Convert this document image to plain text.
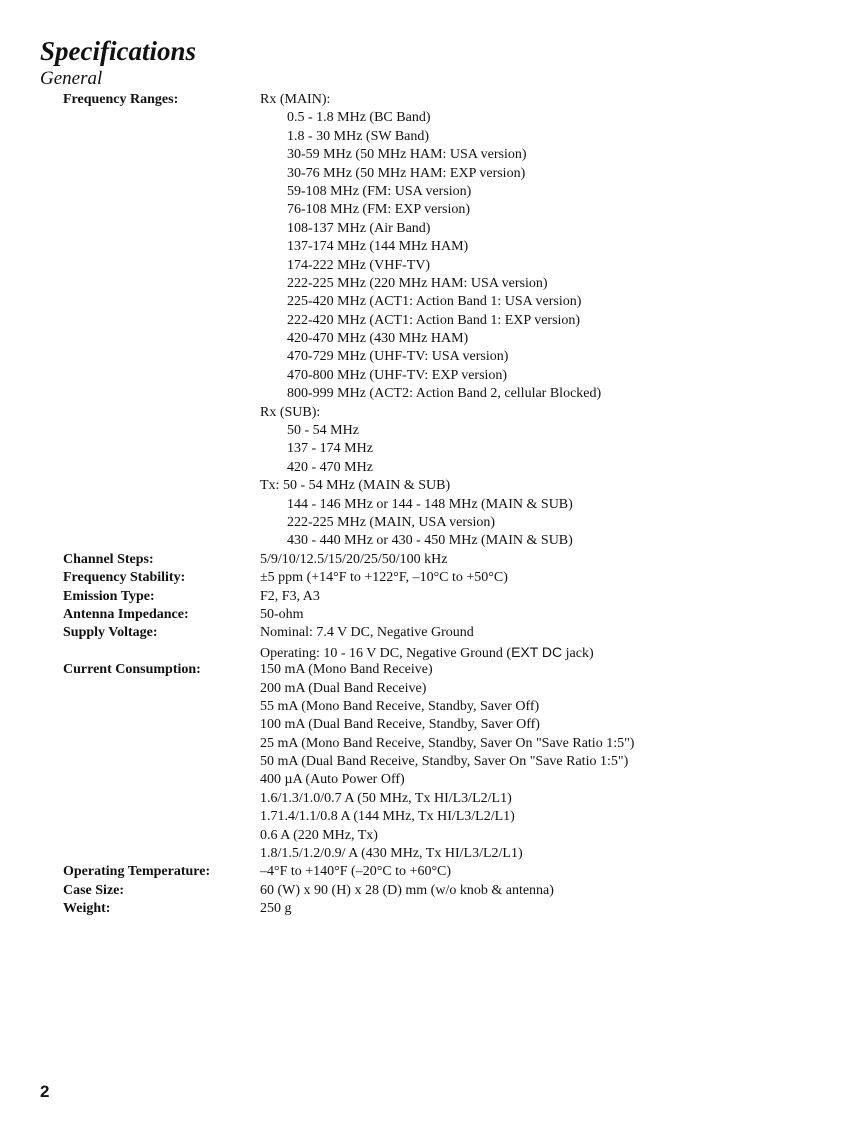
Specifications
General
Frequency Ranges:	Rx (MAIN):
0.5 - 1.8 MHz (BC Band)
1.8 - 30 MHz (SW Band)
30-59 MHz (50 MHz HAM: USA version)
30-76 MHz (50 MHz HAM: EXP version)
59-108 MHz (FM: USA version)
76-108 MHz (FM: EXP version)
108-137 MHz (Air Band)
137-174 MHz (144 MHz HAM)
174-222 MHz (VHF-TV)
222-225 MHz (220 MHz HAM: USA version)
225-420 MHz (ACT1: Action Band 1: USA version)
222-420 MHz (ACT1: Action Band 1: EXP version)
420-470 MHz (430 MHz HAM)
470-729 MHz (UHF-TV: USA version)
470-800 MHz (UHF-TV: EXP version)
800-999 MHz (ACT2: Action Band 2, cellular Blocked)
Rx (SUB):
50 - 54 MHz
137 - 174 MHz
420 - 470 MHz
Tx: 50 - 54 MHz (MAIN & SUB)
144 - 146 MHz or 144 - 148 MHz (MAIN & SUB)
222-225 MHz (MAIN, USA version)
430 - 440 MHz or 430 - 450 MHz (MAIN & SUB)
Channel Steps:	5/9/10/12.5/15/20/25/50/100 kHz
Frequency Stability:	±5 ppm (+14°F to +122°F, –10°C to +50°C)
Emission Type:	F2, F3, A3
Antenna Impedance:	50-ohm
Supply Voltage:	Nominal: 7.4 V DC, Negative Ground
Operating: 10 - 16 V DC, Negative Ground (EXT DC jack)
Current Consumption:	150 mA (Mono Band Receive)
200 mA (Dual Band Receive)
55 mA (Mono Band Receive, Standby, Saver Off)
100 mA (Dual Band Receive, Standby, Saver Off)
25 mA (Mono Band Receive, Standby, Saver On "Save Ratio 1:5")
50 mA (Dual Band Receive, Standby, Saver On "Save Ratio 1:5")
400 µA (Auto Power Off)
1.6/1.3/1.0/0.7 A (50 MHz, Tx HI/L3/L2/L1)
1.71.4/1.1/0.8 A (144 MHz, Tx HI/L3/L2/L1)
0.6 A (220 MHz, Tx)
1.8/1.5/1.2/0.9/ A (430 MHz, Tx HI/L3/L2/L1)
Operating Temperature:	–4°F to +140°F (–20°C to +60°C)
Case Size:	60 (W) x 90 (H) x 28 (D) mm (w/o knob & antenna)
Weight:	250 g
2
